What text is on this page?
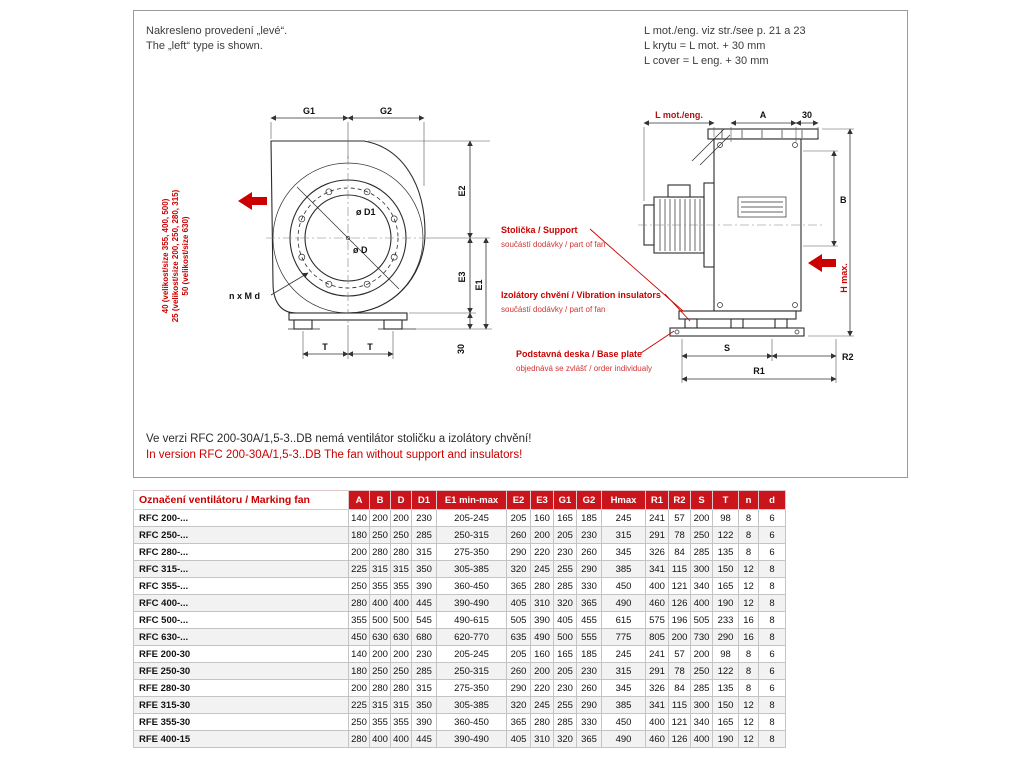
Nakresleno provedení „levé“.
The „left“ type is shown.
L mot./eng. viz str./see p. 21 a 23
L krytu = L mot. + 30 mm
L cover = L eng. + 30 mm
G1	G2
E2
E3
E1
30
T	T
ø D1
ø D
n x M d
40 (velikost/size 355, 400, 500) 25 (velikost/size 200, 250, 280, 315) 50 (velikost/size 630)
L mot./eng.	A	30
B
H max.
S
R2
R1
Stolička / Support
součástí dodávky / part of fan
Izolátory chvění / Vibration insulators
součástí dodávky / part of fan
Podstavná deska / Base plate
objednává se zvlášť / order individualy
Ve verzi RFC 200-30A/1,5-3..DB nemá ventilátor stoličku a izolátory chvění!
In version RFC 200-30A/1,5-3..DB The fan without support and insulators!
Označení ventilátoru / Marking fan	A	B	D	D1	E1 min-max	E2	E3	G1	G2	Hmax	R1	R2	S	T	n	d
RFC 200-...	140	200	200	230	205-245	205	160	165	185	245	241	57	200	98	8	6
RFC 250-...	180	250	250	285	250-315	260	200	205	230	315	291	78	250	122	8	6
RFC 280-...	200	280	280	315	275-350	290	220	230	260	345	326	84	285	135	8	6
RFC 315-...	225	315	315	350	305-385	320	245	255	290	385	341	115	300	150	12	8
RFC 355-...	250	355	355	390	360-450	365	280	285	330	450	400	121	340	165	12	8
RFC 400-...	280	400	400	445	390-490	405	310	320	365	490	460	126	400	190	12	8
RFC 500-...	355	500	500	545	490-615	505	390	405	455	615	575	196	505	233	16	8
RFC 630-...	450	630	630	680	620-770	635	490	500	555	775	805	200	730	290	16	8
RFE 200-30	140	200	200	230	205-245	205	160	165	185	245	241	57	200	98	8	6
RFE 250-30	180	250	250	285	250-315	260	200	205	230	315	291	78	250	122	8	6
RFE 280-30	200	280	280	315	275-350	290	220	230	260	345	326	84	285	135	8	6
RFE 315-30	225	315	315	350	305-385	320	245	255	290	385	341	115	300	150	12	8
RFE 355-30	250	355	355	390	360-450	365	280	285	330	450	400	121	340	165	12	8
RFE 400-15	280	400	400	445	390-490	405	310	320	365	490	460	126	400	190	12	8
